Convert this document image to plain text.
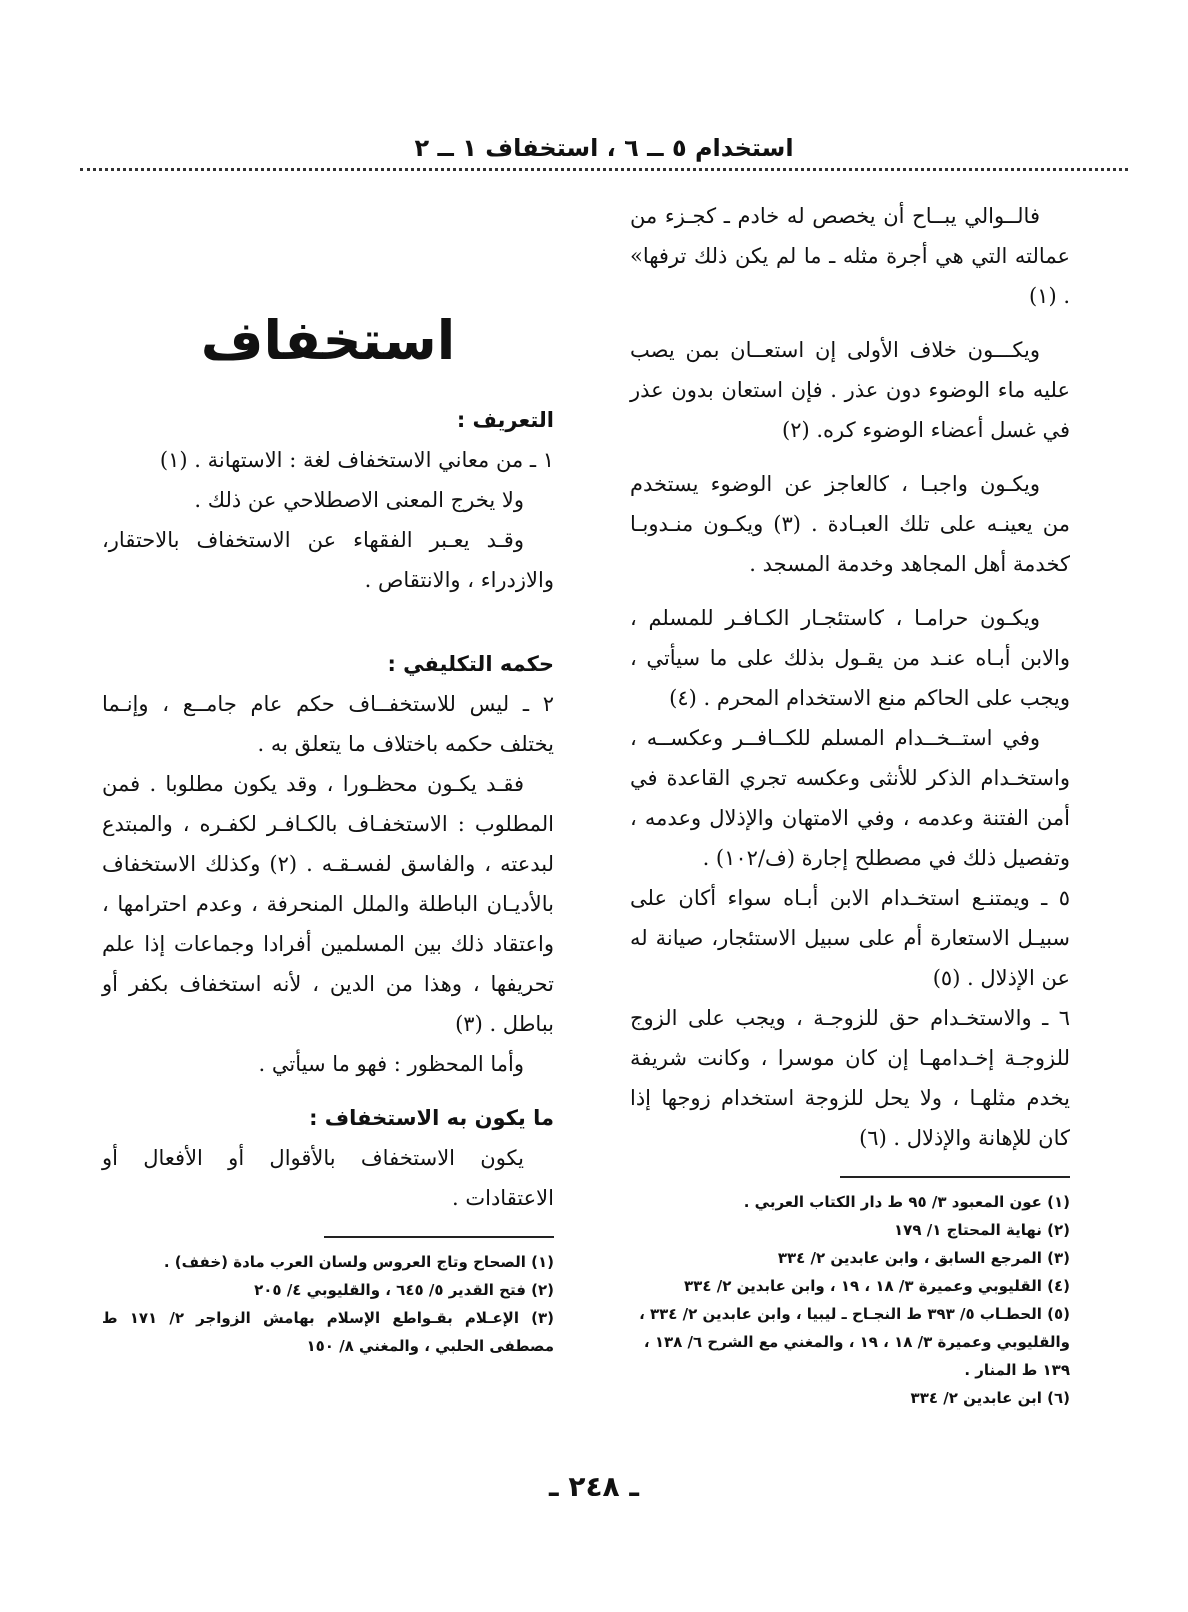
استخدام ٥ ــ ٦ ، استخفاف ١ ــ ٢

فالــوالي يبــاح أن يخصص له خادم ـ كجـزء من عمالته التي هي أجرة مثله ـ ما لم يكن ذلك ترفها» . (١)

ويكـــون خلاف الأولى إن استعــان بمن يصب عليه ماء الوضوء دون عذر . فإن استعان بدون عذر في غسل أعضاء الوضوء كره. (٢)

ويكـون واجبـا ، كالعاجز عن الوضوء يستخدم من يعينـه على تلك العبـادة . (٣) ويكـون منـدوبـا كخدمة أهل المجاهد وخدمة المسجد .

ويكـون حرامـا ، كاستئجـار الكـافـر للمسلم ، والابن أبـاه عنـد من يقـول بذلك على ما سيأتي ، ويجب على الحاكم منع الاستخدام المحرم . (٤)

وفي استــخــدام المسلم للكــافــر وعكســه ، واستخـدام الذكر للأنثى وعكسه تجري القاعدة في أمن الفتنة وعدمه ، وفي الامتهان والإذلال وعدمه ، وتفصيل ذلك في مصطلح إجارة (ف/١٠٢) .

٥ ـ ويمتنـع استخـدام الابن أبـاه سواء أكان على سبيـل الاستعارة أم على سبيل الاستئجار، صيانة له عن الإذلال . (٥)

٦ ـ والاستخـدام حق للزوجـة ، ويجب على الزوج للزوجـة إخـدامهـا إن كان موسرا ، وكانت شريفة يخدم مثلهـا ، ولا يحل للزوجة استخدام زوجها إذا كان للإهانة والإذلال . (٦)

(١) عون المعبود ٣/ ٩٥ ط دار الكتاب العربي .
(٢) نهاية المحتاج ١/ ١٧٩
(٣) المرجع السابق ، وابن عابدين ٢/ ٣٣٤
(٤) القليوبي وعميرة ٣/ ١٨ ، ١٩ ، وابن عابدين ٢/ ٣٣٤
(٥) الحطـاب ٥/ ٣٩٣ ط النجـاح ـ ليبيا ، وابن عابدين ٢/ ٣٣٤ ،
والقليوبي وعميرة ٣/ ١٨ ، ١٩ ، والمغني مع الشرح ٦/ ١٣٨ ،
١٣٩ ط المنار .
(٦) ابن عابدين ٢/ ٣٣٤
استخفاف

التعريف :

١ ـ من معاني الاستخفاف لغة : الاستهانة . (١)

ولا يخرج المعنى الاصطلاحي عن ذلك .

وقـد يعـبر الفقهاء عن الاستخفاف بالاحتقار، والازدراء ، والانتقاص .

حكمه التكليفي :

٢ ـ ليس للاستخفــاف حكم عام جامــع ، وإنـما يختلف حكمه باختلاف ما يتعلق به .

فقـد يكـون محظـورا ، وقد يكون مطلوبا . فمن المطلوب : الاستخفـاف بالكـافـر لكفـره ، والمبتدع لبدعته ، والفاسق لفسـقـه . (٢) وكذلك الاستخفاف بالأديـان الباطلة والملل المنحرفة ، وعدم احترامها ، واعتقاد ذلك بين المسلمين أفرادا وجماعات إذا علم تحريفها ، وهذا من الدين ، لأنه استخفاف بكفر أو بباطل . (٣)

وأما المحظور : فهو ما سيأتي .

ما يكون به الاستخفاف :

يكون الاستخفاف بالأقوال أو الأفعال أو الاعتقادات .

(١) الصحاح وتاج العروس ولسان العرب مادة (خفف) .
(٢) فتح القدير ٥/ ٦٤٥ ، والقليوبي ٤/ ٢٠٥
(٣) الإعـلام بقـواطع الإسلام بهامش الزواجر ٢/ ١٧١ ط مصطفى الحلبي ، والمغني ٨/ ١٥٠
ـ ٢٤٨ ـ
